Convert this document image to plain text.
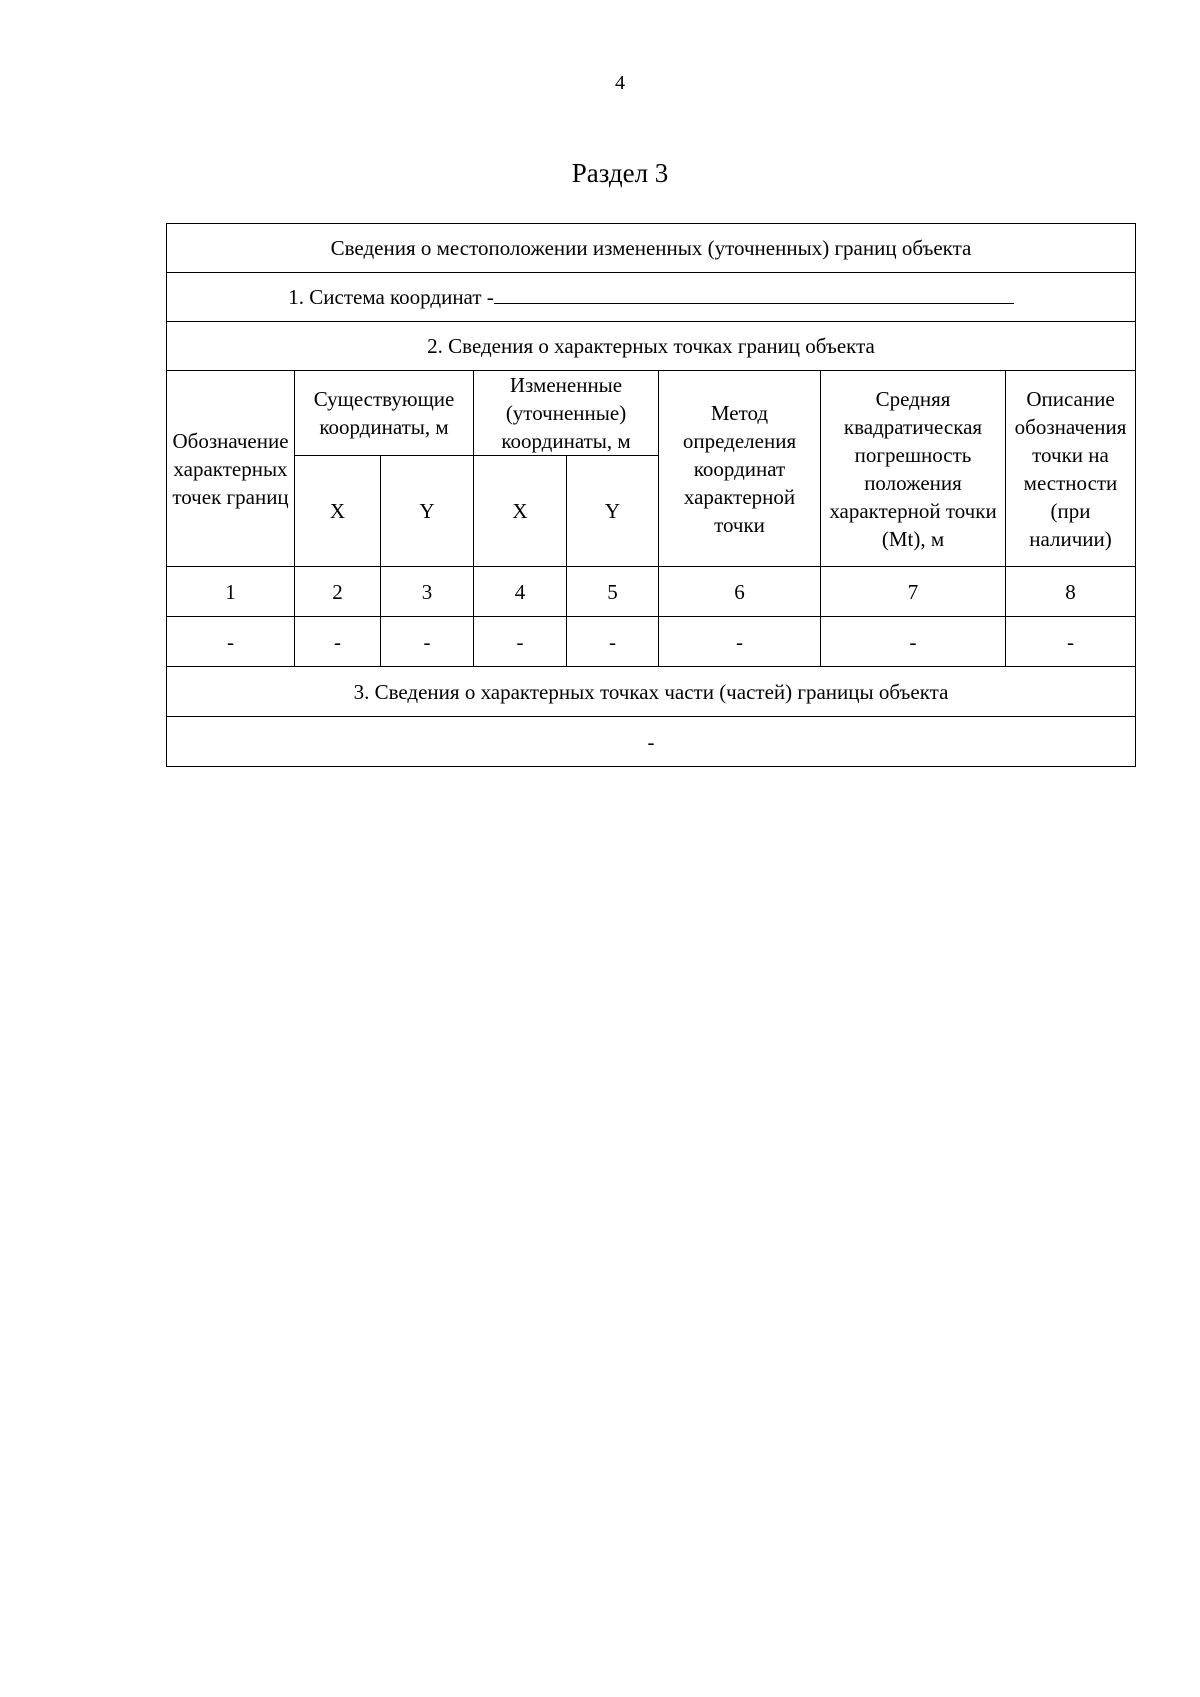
4
Раздел 3
Сведения о местоположении измененных (уточненных) границ объекта							
1. Система координат -							
2. Сведения о характерных точках границ объекта							
Обозначение характерных точек границ	Существующие координаты, м		Измененные (уточненные) координаты, м		Метод определения координат характерной точки	Средняя квадратическая погрешность положения характерной точки (Mt), м	Описание обозначения точки на местности (при наличии)
	X	Y	X	Y			
1	2	3	4	5	6	7	8
-	-	-	-	-	-	-	-
3. Сведения о характерных точках части (частей) границы объекта							
-							
